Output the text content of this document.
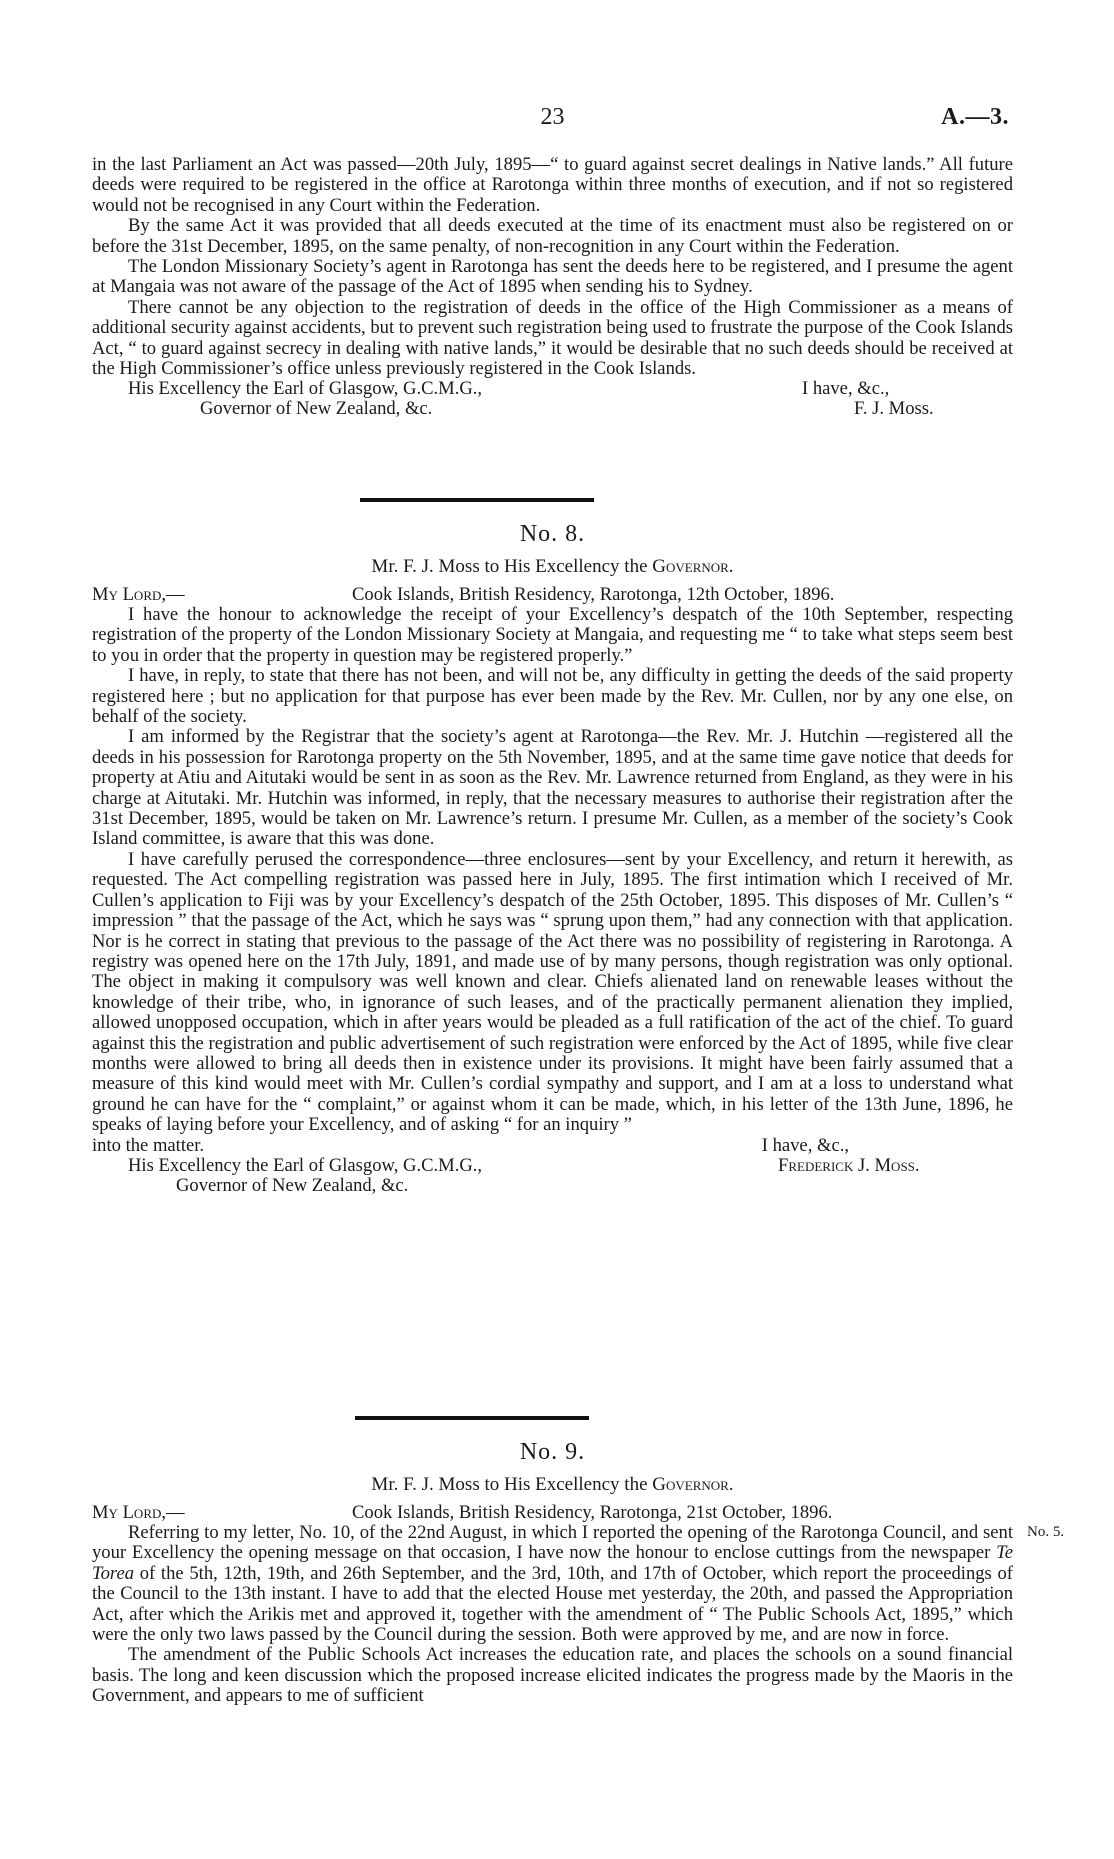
23	A.—3.

in the last Parliament an Act was passed—20th July, 1895—“ to guard against secret dealings in Native lands.” All future deeds were required to be registered in the office at Rarotonga within three months of execution, and if not so registered would not be recognised in any Court within the Federation.

By the same Act it was provided that all deeds executed at the time of its enactment must also be registered on or before the 31st December, 1895, on the same penalty, of non-recognition in any Court within the Federation.

The London Missionary Society’s agent in Rarotonga has sent the deeds here to be registered, and I presume the agent at Mangaia was not aware of the passage of the Act of 1895 when sending his to Sydney.

There cannot be any objection to the registration of deeds in the office of the High Commissioner as a means of additional security against accidents, but to prevent such registration being used to frustrate the purpose of the Cook Islands Act, “ to guard against secrecy in dealing with native lands,” it would be desirable that no such deeds should be received at the High Commissioner’s office unless previously registered in the Cook Islands.

His Excellency the Earl of Glasgow, G.C.M.G.,
Governor of New Zealand, &c.
I have, &c.,
F. J. Moss.
No. 8.
Mr. F. J. Moss to His Excellency the Governor.
My Lord,—	Cook Islands, British Residency, Rarotonga, 12th October, 1896.

I have the honour to acknowledge the receipt of your Excellency’s despatch of the 10th September, respecting registration of the property of the London Missionary Society at Mangaia, and requesting me “ to take what steps seem best to you in order that the property in question may be registered properly.”

I have, in reply, to state that there has not been, and will not be, any difficulty in getting the deeds of the said property registered here ; but no application for that purpose has ever been made by the Rev. Mr. Cullen, nor by any one else, on behalf of the society.

I am informed by the Registrar that the society’s agent at Rarotonga—the Rev. Mr. J. Hutchin —registered all the deeds in his possession for Rarotonga property on the 5th November, 1895, and at the same time gave notice that deeds for property at Atiu and Aitutaki would be sent in as soon as the Rev. Mr. Lawrence returned from England, as they were in his charge at Aitutaki. Mr. Hutchin was informed, in reply, that the necessary measures to authorise their registration after the 31st December, 1895, would be taken on Mr. Lawrence’s return. I presume Mr. Cullen, as a member of the society’s Cook Island committee, is aware that this was done.

I have carefully perused the correspondence—three enclosures—sent by your Excellency, and return it herewith, as requested. The Act compelling registration was passed here in July, 1895. The first intimation which I received of Mr. Cullen’s application to Fiji was by your Excellency’s despatch of the 25th October, 1895. This disposes of Mr. Cullen’s “ impression ” that the passage of the Act, which he says was “ sprung upon them,” had any connection with that application. Nor is he correct in stating that previous to the passage of the Act there was no possibility of registering in Rarotonga. A registry was opened here on the 17th July, 1891, and made use of by many persons, though registration was only optional. The object in making it compulsory was well known and clear. Chiefs alienated land on renewable leases without the knowledge of their tribe, who, in ignorance of such leases, and of the practically permanent alienation they implied, allowed unopposed occupation, which in after years would be pleaded as a full ratification of the act of the chief. To guard against this the registration and public advertisement of such registration were enforced by the Act of 1895, while five clear months were allowed to bring all deeds then in existence under its provisions. It might have been fairly assumed that a measure of this kind would meet with Mr. Cullen’s cordial sympathy and support, and I am at a loss to understand what ground he can have for the “ complaint,” or against whom it can be made, which, in his letter of the 13th June, 1896, he speaks of laying before your Excellency, and of asking “ for an inquiry ”

into the matter.	I have, &c.,
His Excellency the Earl of Glasgow, G.C.M.G.,
Governor of New Zealand, &c.
Frederick J. Moss.
No. 9.
Mr. F. J. Moss to His Excellency the Governor.
My Lord,—	Cook Islands, British Residency, Rarotonga, 21st October, 1896.
No. 5.

Referring to my letter, No. 10, of the 22nd August, in which I reported the opening of the Rarotonga Council, and sent your Excellency the opening message on that occasion, I have now the honour to enclose cuttings from the newspaper Te Torea of the 5th, 12th, 19th, and 26th September, and the 3rd, 10th, and 17th of October, which report the proceedings of the Council to the 13th instant. I have to add that the elected House met yesterday, the 20th, and passed the Appropriation Act, after which the Arikis met and approved it, together with the amendment of “ The Public Schools Act, 1895,” which were the only two laws passed by the Council during the session. Both were approved by me, and are now in force.

The amendment of the Public Schools Act increases the education rate, and places the schools on a sound financial basis. The long and keen discussion which the proposed increase elicited indicates the progress made by the Maoris in the Government, and appears to me of sufficient
